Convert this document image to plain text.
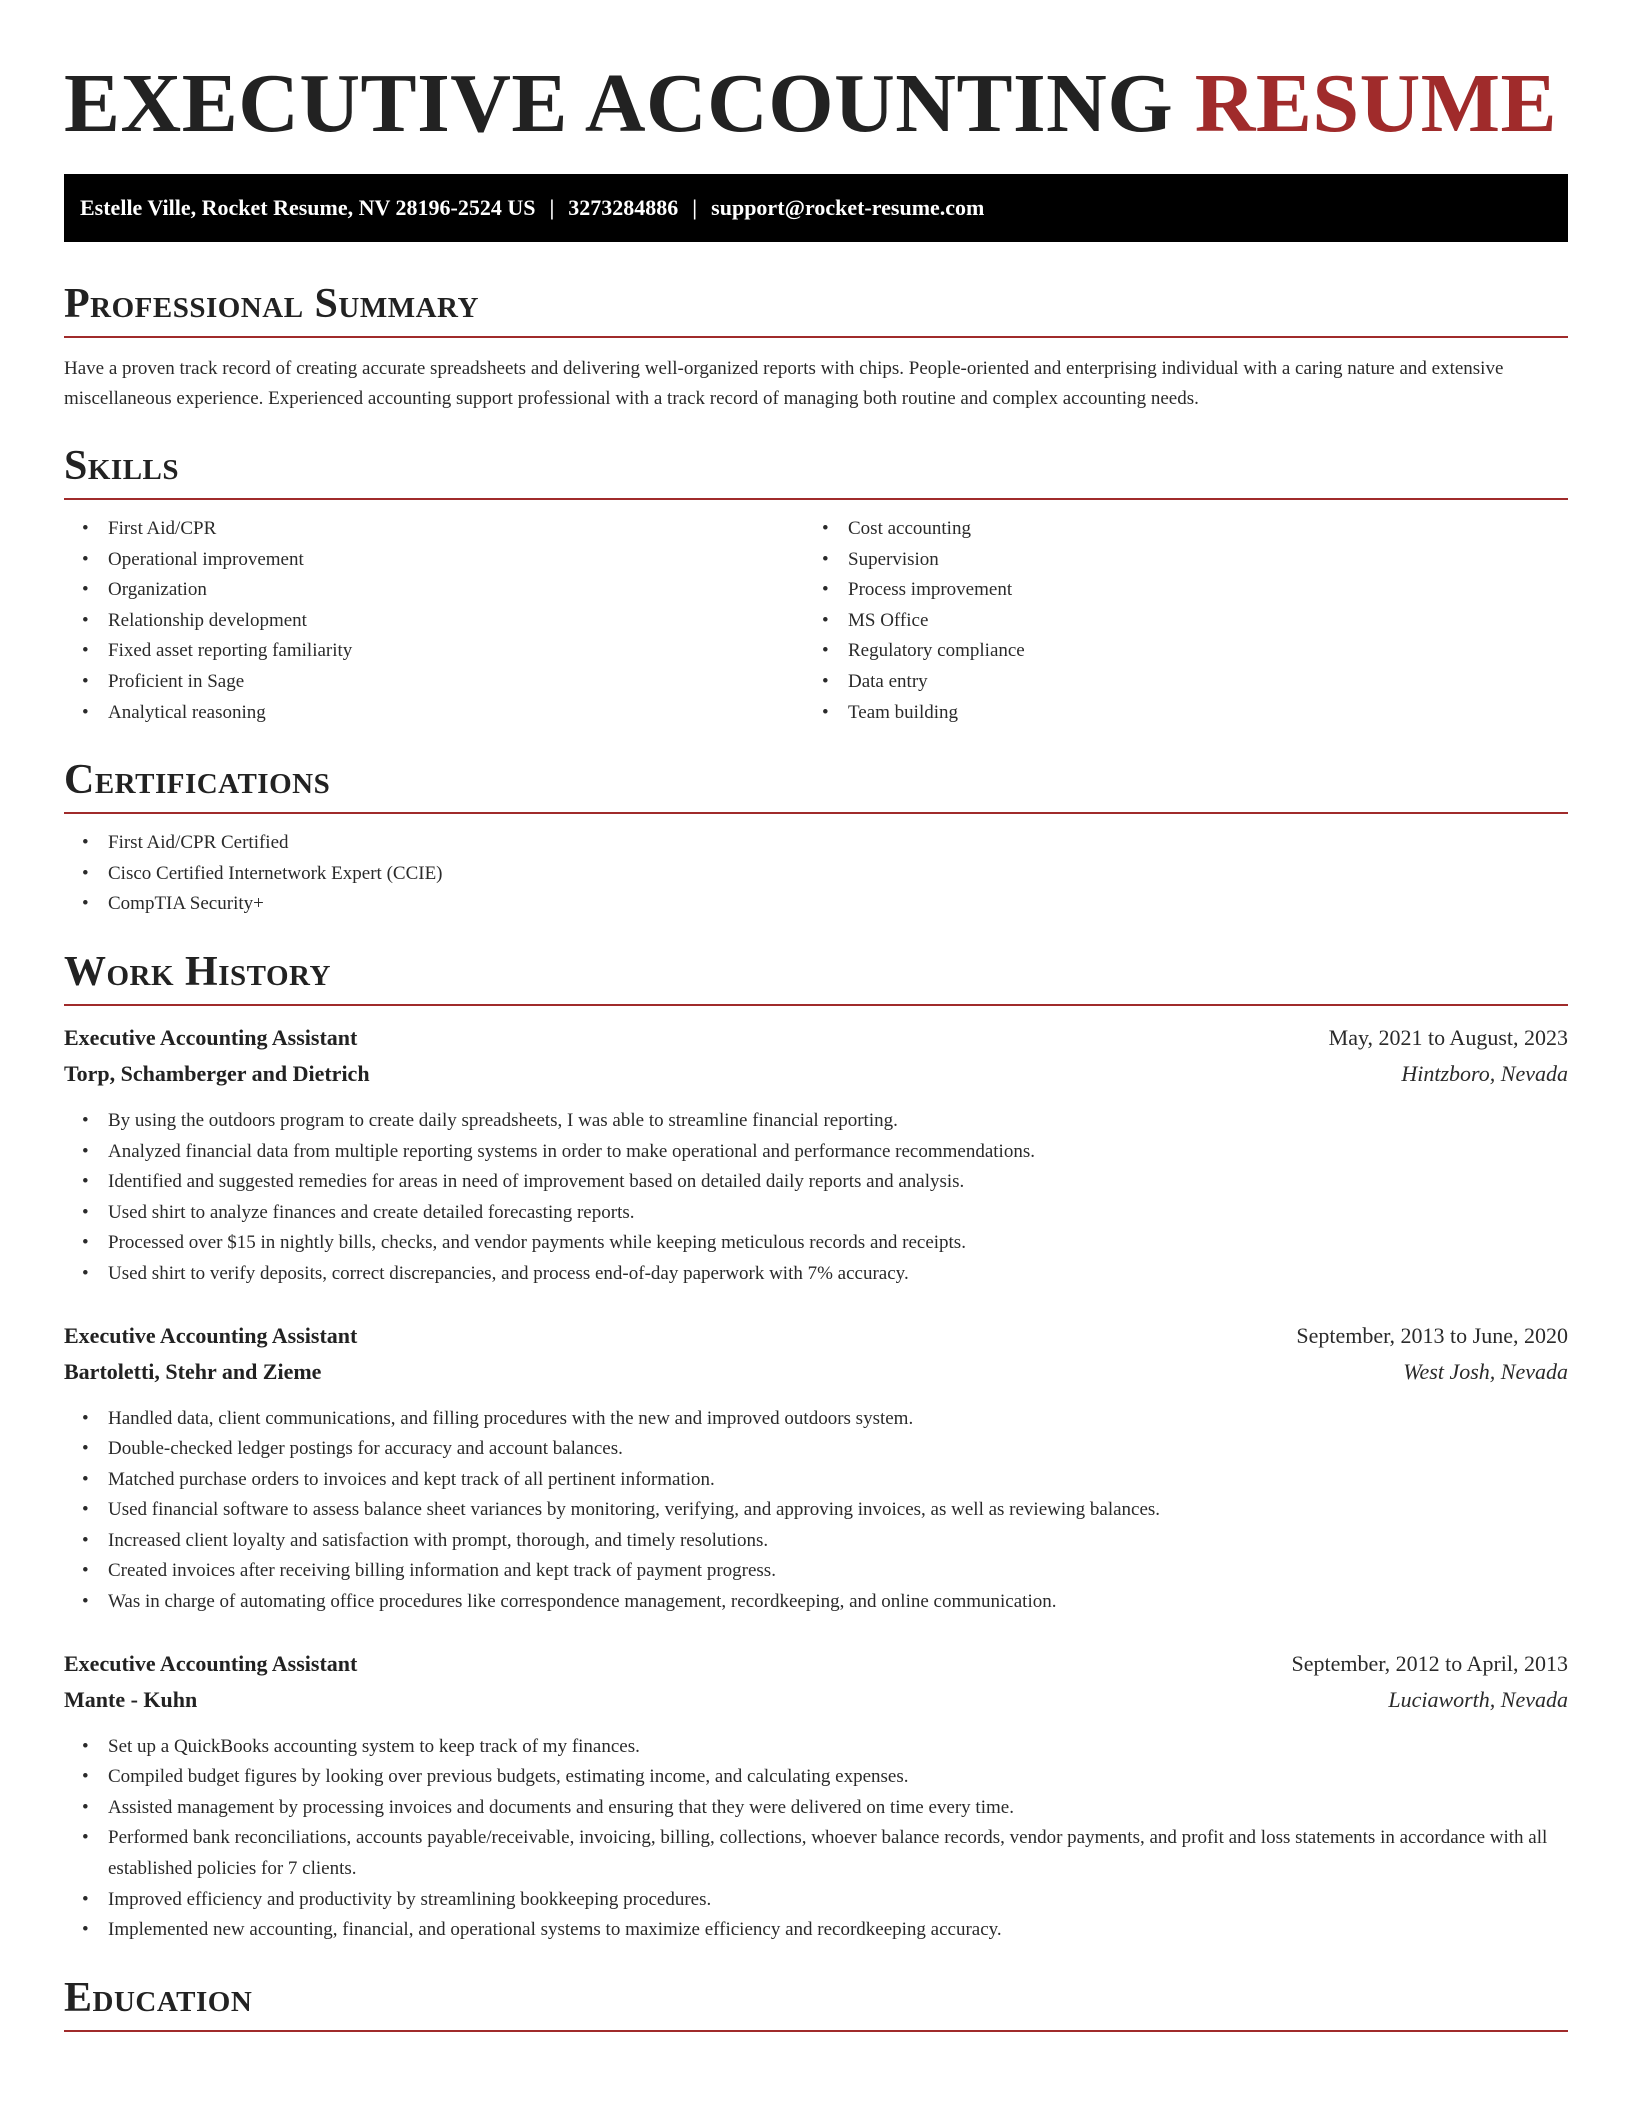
EXECUTIVE ACCOUNTING RESUME
Estelle Ville, Rocket Resume, NV 28196-2524 US | 3273284886 | support@rocket-resume.com
Professional Summary

Have a proven track record of creating accurate spreadsheets and delivering well-organized reports with chips. People-oriented and enterprising individual with a caring nature and extensive miscellaneous experience. Experienced accounting support professional with a track record of managing both routine and complex accounting needs.

Skills
• First Aid/CPR
• Operational improvement
• Organization
• Relationship development
• Fixed asset reporting familiarity
• Proficient in Sage
• Analytical reasoning
• Cost accounting
• Supervision
• Process improvement
• MS Office
• Regulatory compliance
• Data entry
• Team building
Certifications
• First Aid/CPR Certified
• Cisco Certified Internetwork Expert (CCIE)
• CompTIA Security+
Work History
Executive Accounting Assistant	May, 2021 to August, 2023
Torp, Schamberger and Dietrich	Hintzboro, Nevada
• By using the outdoors program to create daily spreadsheets, I was able to streamline financial reporting.
• Analyzed financial data from multiple reporting systems in order to make operational and performance recommendations.
• Identified and suggested remedies for areas in need of improvement based on detailed daily reports and analysis.
• Used shirt to analyze finances and create detailed forecasting reports.
• Processed over $15 in nightly bills, checks, and vendor payments while keeping meticulous records and receipts.
• Used shirt to verify deposits, correct discrepancies, and process end-of-day paperwork with 7% accuracy.
Executive Accounting Assistant	September, 2013 to June, 2020
Bartoletti, Stehr and Zieme	West Josh, Nevada
• Handled data, client communications, and filling procedures with the new and improved outdoors system.
• Double-checked ledger postings for accuracy and account balances.
• Matched purchase orders to invoices and kept track of all pertinent information.
• Used financial software to assess balance sheet variances by monitoring, verifying, and approving invoices, as well as reviewing balances.
• Increased client loyalty and satisfaction with prompt, thorough, and timely resolutions.
• Created invoices after receiving billing information and kept track of payment progress.
• Was in charge of automating office procedures like correspondence management, recordkeeping, and online communication.
Executive Accounting Assistant	September, 2012 to April, 2013
Mante - Kuhn	Luciaworth, Nevada
• Set up a QuickBooks accounting system to keep track of my finances.
• Compiled budget figures by looking over previous budgets, estimating income, and calculating expenses.
• Assisted management by processing invoices and documents and ensuring that they were delivered on time every time.
• Performed bank reconciliations, accounts payable/receivable, invoicing, billing, collections, whoever balance records, vendor payments, and profit and loss statements in accordance with all established policies for 7 clients.
• Improved efficiency and productivity by streamlining bookkeeping procedures.
• Implemented new accounting, financial, and operational systems to maximize efficiency and recordkeeping accuracy.
Education
